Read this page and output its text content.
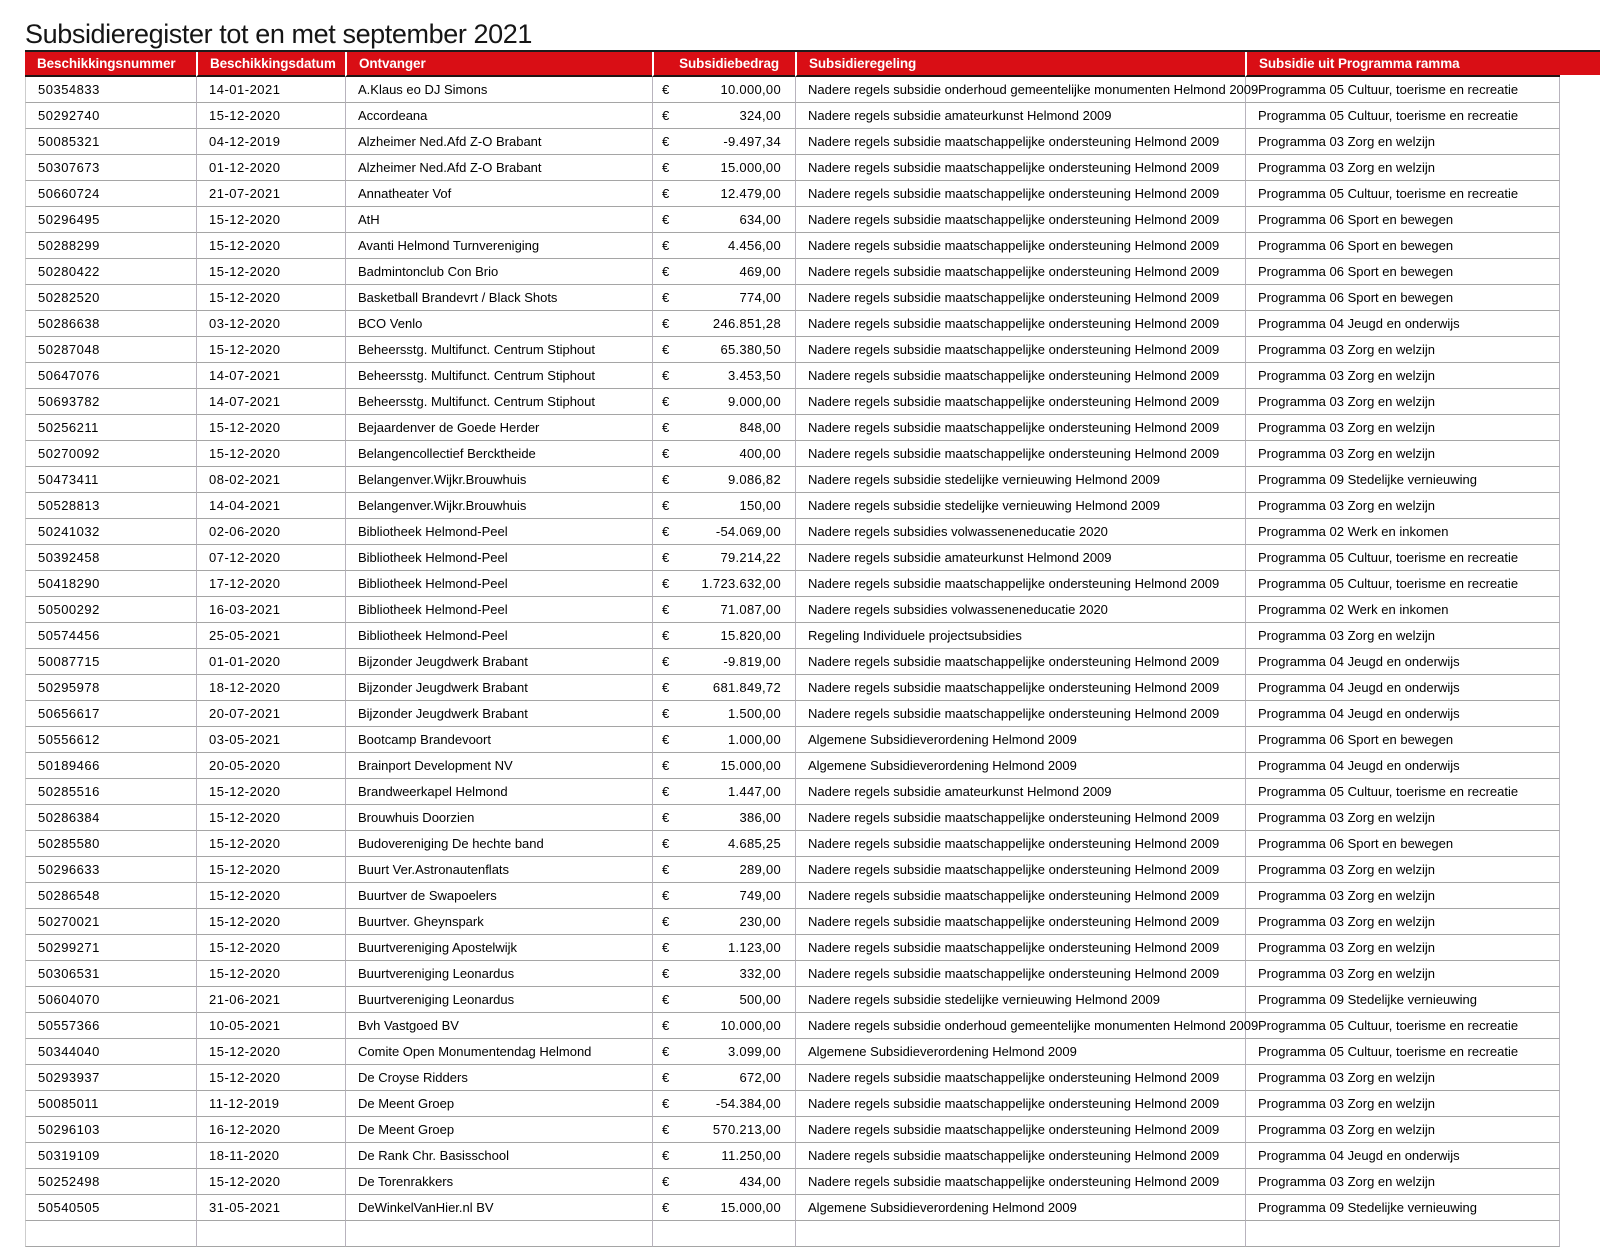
Subsidieregister tot en met september 2021
Beschikkingsnummer	Beschikkingsdatum	Ontvanger	Subsidiebedrag	Subsidieregeling	Subsidie uit Programma ramma
50354833	14-01-2021	A.Klaus eo DJ Simons	€ 10.000,00	Nadere regels subsidie onderhoud gemeentelijke monumenten Helmond 2009	Programma 05 Cultuur, toerisme en recreatie
50292740	15-12-2020	Accordeana	€ 324,00	Nadere regels subsidie amateurkunst Helmond 2009	Programma 05 Cultuur, toerisme en recreatie
50085321	04-12-2019	Alzheimer Ned.Afd Z-O Brabant	€ -9.497,34	Nadere regels subsidie maatschappelijke ondersteuning Helmond 2009	Programma 03 Zorg en welzijn
50307673	01-12-2020	Alzheimer Ned.Afd Z-O Brabant	€ 15.000,00	Nadere regels subsidie maatschappelijke ondersteuning Helmond 2009	Programma 03 Zorg en welzijn
50660724	21-07-2021	Annatheater Vof	€ 12.479,00	Nadere regels subsidie maatschappelijke ondersteuning Helmond 2009	Programma 05 Cultuur, toerisme en recreatie
50296495	15-12-2020	AtH	€ 634,00	Nadere regels subsidie maatschappelijke ondersteuning Helmond 2009	Programma 06 Sport en bewegen
50288299	15-12-2020	Avanti Helmond Turnvereniging	€ 4.456,00	Nadere regels subsidie maatschappelijke ondersteuning Helmond 2009	Programma 06 Sport en bewegen
50280422	15-12-2020	Badmintonclub Con Brio	€ 469,00	Nadere regels subsidie maatschappelijke ondersteuning Helmond 2009	Programma 06 Sport en bewegen
50282520	15-12-2020	Basketball Brandevrt / Black Shots	€ 774,00	Nadere regels subsidie maatschappelijke ondersteuning Helmond 2009	Programma 06 Sport en bewegen
50286638	03-12-2020	BCO Venlo	€ 246.851,28	Nadere regels subsidie maatschappelijke ondersteuning Helmond 2009	Programma 04 Jeugd en onderwijs
50287048	15-12-2020	Beheersstg. Multifunct. Centrum Stiphout	€ 65.380,50	Nadere regels subsidie maatschappelijke ondersteuning Helmond 2009	Programma 03 Zorg en welzijn
50647076	14-07-2021	Beheersstg. Multifunct. Centrum Stiphout	€ 3.453,50	Nadere regels subsidie maatschappelijke ondersteuning Helmond 2009	Programma 03 Zorg en welzijn
50693782	14-07-2021	Beheersstg. Multifunct. Centrum Stiphout	€ 9.000,00	Nadere regels subsidie maatschappelijke ondersteuning Helmond 2009	Programma 03 Zorg en welzijn
50256211	15-12-2020	Bejaardenver de Goede Herder	€ 848,00	Nadere regels subsidie maatschappelijke ondersteuning Helmond 2009	Programma 03 Zorg en welzijn
50270092	15-12-2020	Belangencollectief Bercktheide	€ 400,00	Nadere regels subsidie maatschappelijke ondersteuning Helmond 2009	Programma 03 Zorg en welzijn
50473411	08-02-2021	Belangenver.Wijkr.Brouwhuis	€ 9.086,82	Nadere regels subsidie stedelijke vernieuwing Helmond 2009	Programma 09 Stedelijke vernieuwing
50528813	14-04-2021	Belangenver.Wijkr.Brouwhuis	€ 150,00	Nadere regels subsidie stedelijke vernieuwing Helmond 2009	Programma 03 Zorg en welzijn
50241032	02-06-2020	Bibliotheek Helmond-Peel	€ -54.069,00	Nadere regels subsidies volwasseneneducatie 2020	Programma 02 Werk en inkomen
50392458	07-12-2020	Bibliotheek Helmond-Peel	€ 79.214,22	Nadere regels subsidie amateurkunst Helmond 2009	Programma 05 Cultuur, toerisme en recreatie
50418290	17-12-2020	Bibliotheek Helmond-Peel	€ 1.723.632,00	Nadere regels subsidie maatschappelijke ondersteuning Helmond 2009	Programma 05 Cultuur, toerisme en recreatie
50500292	16-03-2021	Bibliotheek Helmond-Peel	€ 71.087,00	Nadere regels subsidies volwasseneneducatie 2020	Programma 02 Werk en inkomen
50574456	25-05-2021	Bibliotheek Helmond-Peel	€ 15.820,00	Regeling Individuele projectsubsidies	Programma 03 Zorg en welzijn
50087715	01-01-2020	Bijzonder Jeugdwerk Brabant	€ -9.819,00	Nadere regels subsidie maatschappelijke ondersteuning Helmond 2009	Programma 04 Jeugd en onderwijs
50295978	18-12-2020	Bijzonder Jeugdwerk Brabant	€ 681.849,72	Nadere regels subsidie maatschappelijke ondersteuning Helmond 2009	Programma 04 Jeugd en onderwijs
50656617	20-07-2021	Bijzonder Jeugdwerk Brabant	€ 1.500,00	Nadere regels subsidie maatschappelijke ondersteuning Helmond 2009	Programma 04 Jeugd en onderwijs
50556612	03-05-2021	Bootcamp Brandevoort	€ 1.000,00	Algemene Subsidieverordening Helmond 2009	Programma 06 Sport en bewegen
50189466	20-05-2020	Brainport Development NV	€ 15.000,00	Algemene Subsidieverordening Helmond 2009	Programma 04 Jeugd en onderwijs
50285516	15-12-2020	Brandweerkapel Helmond	€ 1.447,00	Nadere regels subsidie amateurkunst Helmond 2009	Programma 05 Cultuur, toerisme en recreatie
50286384	15-12-2020	Brouwhuis Doorzien	€ 386,00	Nadere regels subsidie maatschappelijke ondersteuning Helmond 2009	Programma 03 Zorg en welzijn
50285580	15-12-2020	Budovereniging De hechte band	€ 4.685,25	Nadere regels subsidie maatschappelijke ondersteuning Helmond 2009	Programma 06 Sport en bewegen
50296633	15-12-2020	Buurt Ver.Astronautenflats	€ 289,00	Nadere regels subsidie maatschappelijke ondersteuning Helmond 2009	Programma 03 Zorg en welzijn
50286548	15-12-2020	Buurtver de Swapoelers	€ 749,00	Nadere regels subsidie maatschappelijke ondersteuning Helmond 2009	Programma 03 Zorg en welzijn
50270021	15-12-2020	Buurtver. Gheynspark	€ 230,00	Nadere regels subsidie maatschappelijke ondersteuning Helmond 2009	Programma 03 Zorg en welzijn
50299271	15-12-2020	Buurtvereniging Apostelwijk	€ 1.123,00	Nadere regels subsidie maatschappelijke ondersteuning Helmond 2009	Programma 03 Zorg en welzijn
50306531	15-12-2020	Buurtvereniging Leonardus	€ 332,00	Nadere regels subsidie maatschappelijke ondersteuning Helmond 2009	Programma 03 Zorg en welzijn
50604070	21-06-2021	Buurtvereniging Leonardus	€ 500,00	Nadere regels subsidie stedelijke vernieuwing Helmond 2009	Programma 09 Stedelijke vernieuwing
50557366	10-05-2021	Bvh Vastgoed BV	€ 10.000,00	Nadere regels subsidie onderhoud gemeentelijke monumenten Helmond 2009	Programma 05 Cultuur, toerisme en recreatie
50344040	15-12-2020	Comite Open Monumentendag Helmond	€ 3.099,00	Algemene Subsidieverordening Helmond 2009	Programma 05 Cultuur, toerisme en recreatie
50293937	15-12-2020	De Croyse Ridders	€ 672,00	Nadere regels subsidie maatschappelijke ondersteuning Helmond 2009	Programma 03 Zorg en welzijn
50085011	11-12-2019	De Meent Groep	€ -54.384,00	Nadere regels subsidie maatschappelijke ondersteuning Helmond 2009	Programma 03 Zorg en welzijn
50296103	16-12-2020	De Meent Groep	€ 570.213,00	Nadere regels subsidie maatschappelijke ondersteuning Helmond 2009	Programma 03 Zorg en welzijn
50319109	18-11-2020	De Rank Chr. Basisschool	€ 11.250,00	Nadere regels subsidie maatschappelijke ondersteuning Helmond 2009	Programma 04 Jeugd en onderwijs
50252498	15-12-2020	De Torenrakkers	€ 434,00	Nadere regels subsidie maatschappelijke ondersteuning Helmond 2009	Programma 03 Zorg en welzijn
50540505	31-05-2021	DeWinkelVanHier.nl BV	€ 15.000,00	Algemene Subsidieverordening Helmond 2009	Programma 09 Stedelijke vernieuwing
